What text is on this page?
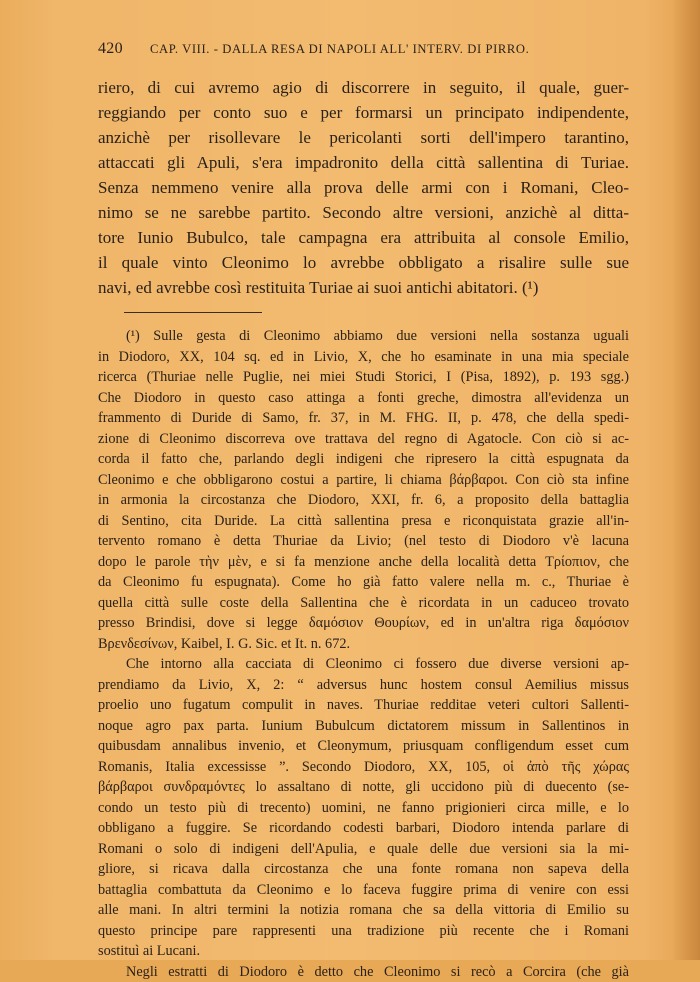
420 CAP. VIII. - DALLA RESA DI NAPOLI ALL' INTERV. DI PIRRO.
riero, di cui avremo agio di discorrere in seguito, il quale, guer-
reggiando per conto suo e per formarsi un principato indipendente,
anzichè per risollevare le pericolanti sorti dell'impero tarantino,
attaccati gli Apuli, s'era impadronito della città sallentina di Turiae.
Senza nemmeno venire alla prova delle armi con i Romani, Cleo-
nimo se ne sarebbe partito. Secondo altre versioni, anzichè al ditta-
tore Iunio Bubulco, tale campagna era attribuita al console Emilio,
il quale vinto Cleonimo lo avrebbe obbligato a risalire sulle sue
navi, ed avrebbe così restituita Turiae ai suoi antichi abitatori. (¹)
(¹) Sulle gesta di Cleonimo abbiamo due versioni nella sostanza uguali
in Diodoro, XX, 104 sq. ed in Livio, X, che ho esaminate in una mia speciale
ricerca (Thuriae nelle Puglie, nei miei Studi Storici, I (Pisa, 1892), p. 193 sgg.)
Che Diodoro in questo caso attinga a fonti greche, dimostra all'evidenza un
frammento di Duride di Samo, fr. 37, in M. FHG. II, p. 478, che della spedi-
zione di Cleonimo discorreva ove trattava del regno di Agatocle. Con ciò si ac-
corda il fatto che, parlando degli indigeni che ripresero la città espugnata da
Cleonimo e che obbligarono costui a partire, li chiama βάρβαροι. Con ciò sta infine
in armonia la circostanza che Diodoro, XXI, fr. 6, a proposito della battaglia
di Sentino, cita Duride. La città sallentina presa e riconquistata grazie all'in-
tervento romano è detta Thuriae da Livio; (nel testo di Diodoro v'è lacuna
dopo le parole τὴν μὲν, e si fa menzione anche della località detta Τρίοπιον, che
da Cleonimo fu espugnata). Come ho già fatto valere nella m. c., Thuriae è
quella città sulle coste della Sallentina che è ricordata in un caduceo trovato
presso Brindisi, dove si legge δαμόσιον Θουρίων, ed in un'altra riga δαμόσιον
Βρενδεσίνων, Kaibel, I. G. Sic. et It. n. 672.
Che intorno alla cacciata di Cleonimo ci fossero due diverse versioni ap-
prendiamo da Livio, X, 2: “ adversus hunc hostem consul Aemilius missus
proelio uno fugatum compulit in naves. Thuriae redditae veteri cultori Sallenti-
noque agro pax parta. Iunium Bubulcum dictatorem missum in Sallentinos in
quibusdam annalibus invenio, et Cleonymum, priusquam confligendum esset cum
Romanis, Italia excessisse ”. Secondo Diodoro, XX, 105, οἱ ἀπὸ τῆς χώρας
βάρβαροι συνδραμόντες lo assaltano di notte, gli uccidono più di duecento (se-
condo un testo più di trecento) uomini, ne fanno prigionieri circa mille, e lo
obbligano a fuggire. Se ricordando codesti barbari, Diodoro intenda parlare di
Romani o solo di indigeni dell'Apulia, e quale delle due versioni sia la mi-
gliore, si ricava dalla circostanza che una fonte romana non sapeva della
battaglia combattuta da Cleonimo e lo faceva fuggire prima di venire con essi
alle mani. In altri termini la notizia romana che sa della vittoria di Emilio su
questo principe pare rappresenti una tradizione più recente che i Romani
sostituì ai Lucani.
Negli estratti di Diodoro è detto che Cleonimo si recò a Corcira (che già
